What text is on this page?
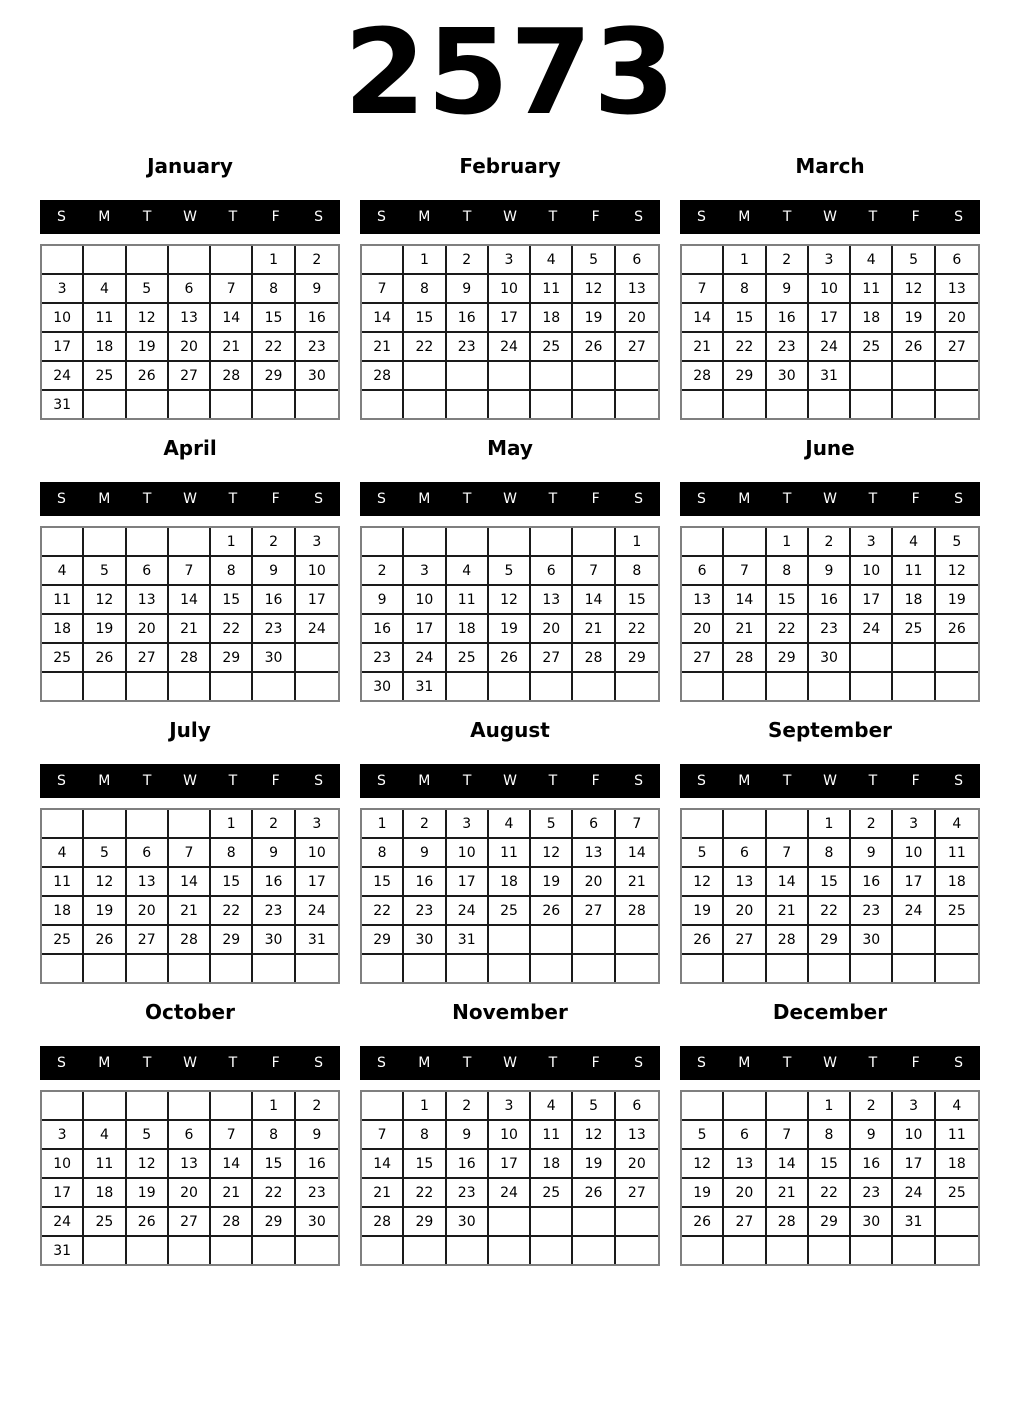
2573
January
S	M	T	W	T	F	S
					1	2
3	4	5	6	7	8	9
10	11	12	13	14	15	16
17	18	19	20	21	22	23
24	25	26	27	28	29	30
31						
February
S	M	T	W	T	F	S
	1	2	3	4	5	6
7	8	9	10	11	12	13
14	15	16	17	18	19	20
21	22	23	24	25	26	27
28						

March
S	M	T	W	T	F	S
	1	2	3	4	5	6
7	8	9	10	11	12	13
14	15	16	17	18	19	20
21	22	23	24	25	26	27
28	29	30	31			

April
S	M	T	W	T	F	S
				1	2	3
4	5	6	7	8	9	10
11	12	13	14	15	16	17
18	19	20	21	22	23	24
25	26	27	28	29	30	

May
S	M	T	W	T	F	S
						1
2	3	4	5	6	7	8
9	10	11	12	13	14	15
16	17	18	19	20	21	22
23	24	25	26	27	28	29
30	31					
June
S	M	T	W	T	F	S
		1	2	3	4	5
6	7	8	9	10	11	12
13	14	15	16	17	18	19
20	21	22	23	24	25	26
27	28	29	30			

July
S	M	T	W	T	F	S
				1	2	3
4	5	6	7	8	9	10
11	12	13	14	15	16	17
18	19	20	21	22	23	24
25	26	27	28	29	30	31

August
S	M	T	W	T	F	S
1	2	3	4	5	6	7
8	9	10	11	12	13	14
15	16	17	18	19	20	21
22	23	24	25	26	27	28
29	30	31				

September
S	M	T	W	T	F	S
			1	2	3	4
5	6	7	8	9	10	11
12	13	14	15	16	17	18
19	20	21	22	23	24	25
26	27	28	29	30		

October
S	M	T	W	T	F	S
					1	2
3	4	5	6	7	8	9
10	11	12	13	14	15	16
17	18	19	20	21	22	23
24	25	26	27	28	29	30
31						
November
S	M	T	W	T	F	S
	1	2	3	4	5	6
7	8	9	10	11	12	13
14	15	16	17	18	19	20
21	22	23	24	25	26	27
28	29	30				

December
S	M	T	W	T	F	S
			1	2	3	4
5	6	7	8	9	10	11
12	13	14	15	16	17	18
19	20	21	22	23	24	25
26	27	28	29	30	31	
